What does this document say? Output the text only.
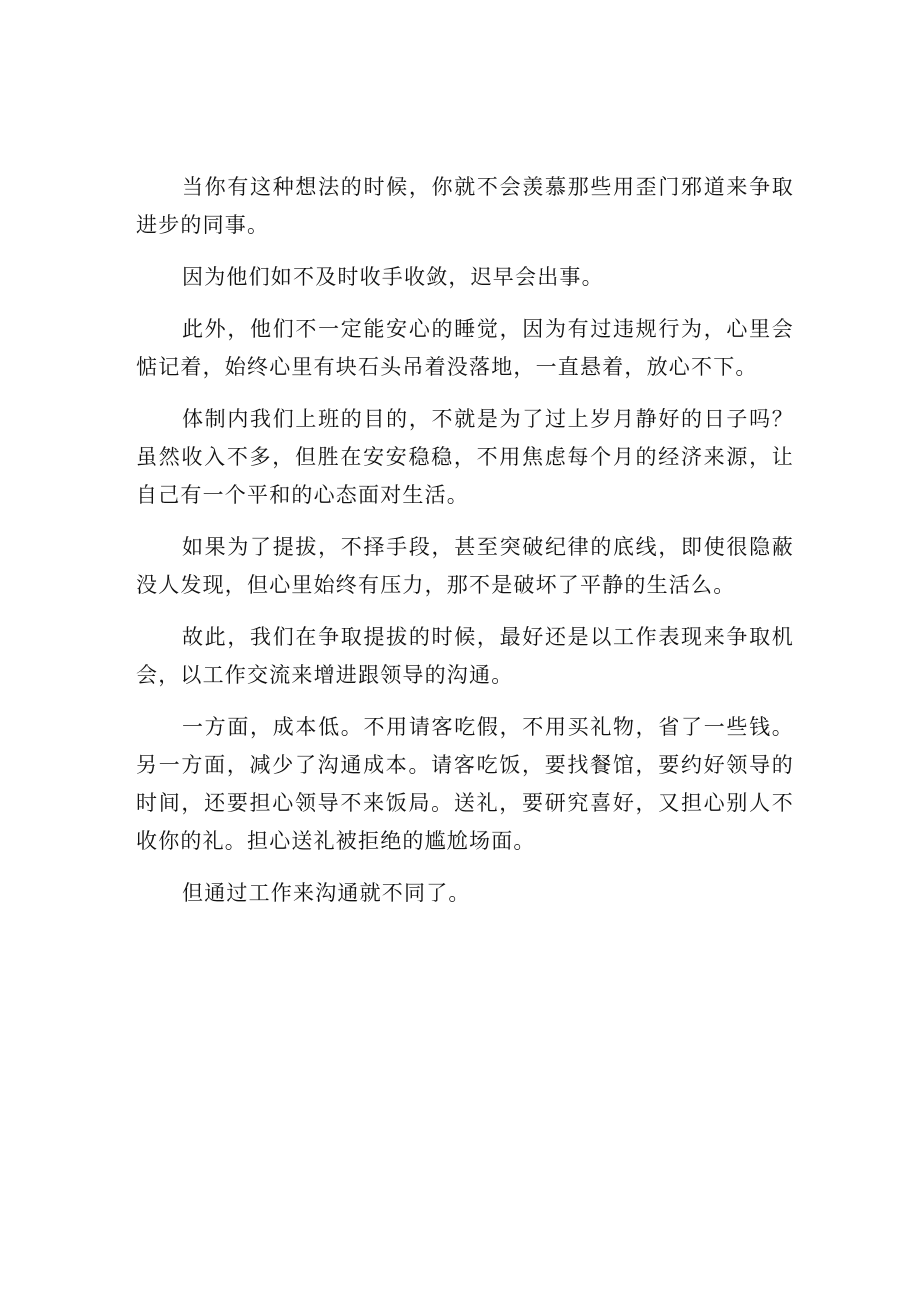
当你有这种想法的时候，你就不会羡慕那些用歪门邪道来争取进步的同事。

因为他们如不及时收手收敛，迟早会出事。

此外，他们不一定能安心的睡觉，因为有过违规行为，心里会惦记着，始终心里有块石头吊着没落地，一直悬着，放心不下。

体制内我们上班的目的，不就是为了过上岁月静好的日子吗？虽然收入不多，但胜在安安稳稳，不用焦虑每个月的经济来源，让自己有一个平和的心态面对生活。

如果为了提拔，不择手段，甚至突破纪律的底线，即使很隐蔽没人发现，但心里始终有压力，那不是破坏了平静的生活么。

故此，我们在争取提拔的时候，最好还是以工作表现来争取机会，以工作交流来增进跟领导的沟通。

一方面，成本低。不用请客吃假，不用买礼物，省了一些钱。另一方面，减少了沟通成本。请客吃饭，要找餐馆，要约好领导的时间，还要担心领导不来饭局。送礼，要研究喜好，又担心别人不收你的礼。担心送礼被拒绝的尴尬场面。

但通过工作来沟通就不同了。
